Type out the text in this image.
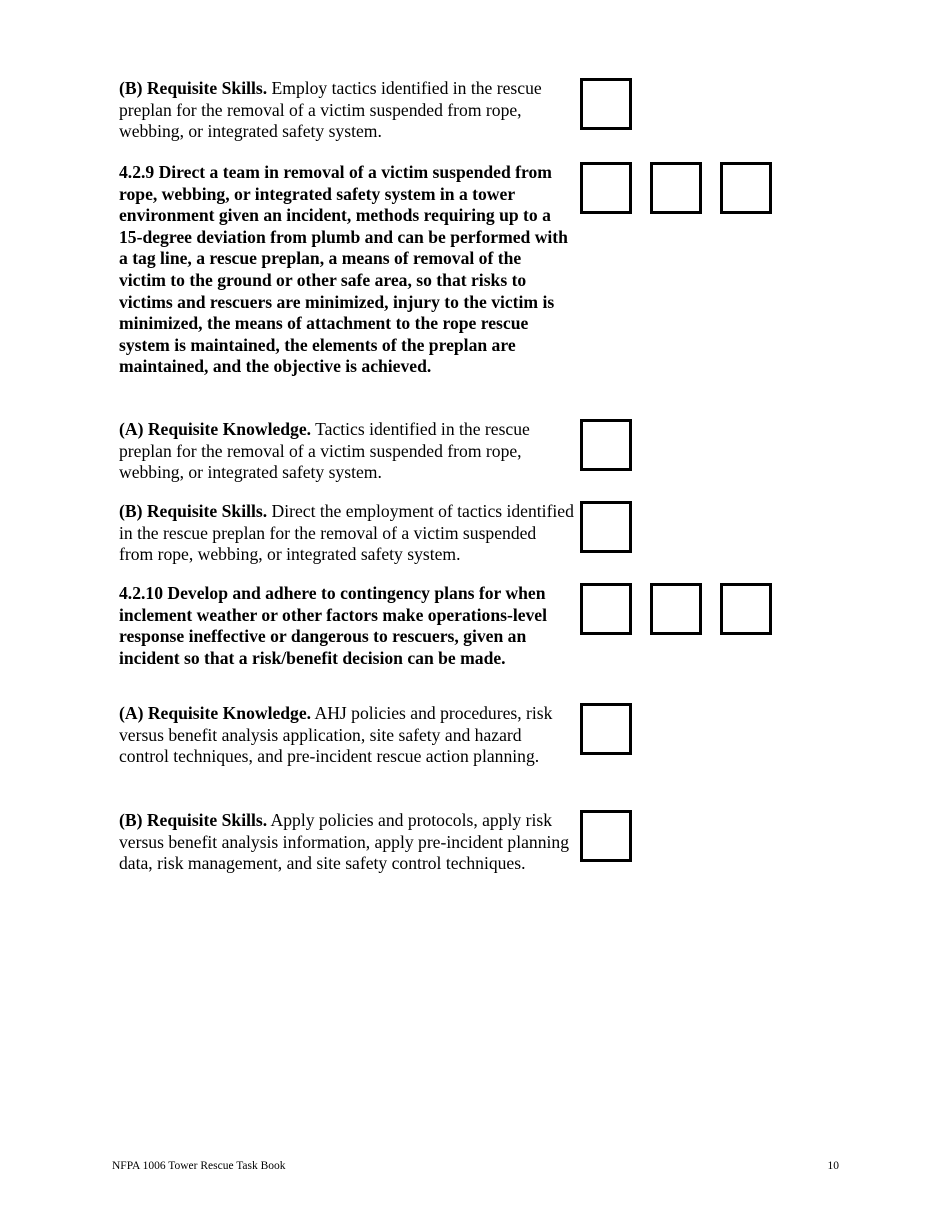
(B) Requisite Skills. Employ tactics identified in the rescue preplan for the removal of a victim suspended from rope, webbing, or integrated safety system.
4.2.9 Direct a team in removal of a victim suspended from rope, webbing, or integrated safety system in a tower environment given an incident, methods requiring up to a 15-degree deviation from plumb and can be performed with a tag line, a rescue preplan, a means of removal of the victim to the ground or other safe area, so that risks to victims and rescuers are minimized, injury to the victim is minimized, the means of attachment to the rope rescue system is maintained, the elements of the preplan are maintained, and the objective is achieved.
(A) Requisite Knowledge. Tactics identified in the rescue preplan for the removal of a victim suspended from rope, webbing, or integrated safety system.
(B) Requisite Skills. Direct the employment of tactics identified in the rescue preplan for the removal of a victim suspended from rope, webbing, or integrated safety system.
4.2.10 Develop and adhere to contingency plans for when inclement weather or other factors make operations-level response ineffective or dangerous to rescuers, given an incident so that a risk/benefit decision can be made.
(A) Requisite Knowledge. AHJ policies and procedures, risk versus benefit analysis application, site safety and hazard control techniques, and pre-incident rescue action planning.
(B) Requisite Skills. Apply policies and protocols, apply risk versus benefit analysis information, apply pre-incident planning data, risk management, and site safety control techniques.
NFPA 1006 Tower Rescue Task Book	10
